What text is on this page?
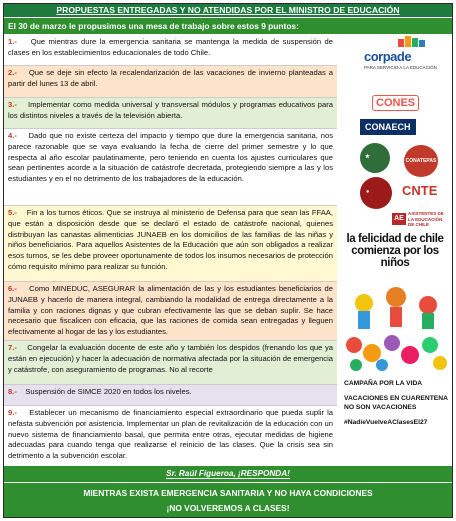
PROPUESTAS ENTREGADAS Y NO ATENDIDAS POR EL MINISTRO DE EDUCACIÓN
El 30 de marzo le propusimos una mesa de trabajo sobre estos 9 puntos:
1.- Que mientras dure la emergencia sanitaria se mantenga la medida de suspensión de clases en los establecimientos educacionales de todo Chile.
2.- Que se deje sin efecto la recalendarización de las vacaciones de invierno planteadas a partir del lunes 13 de abril.
3.- Implementar como medida universal y transversal módulos y programas educativos para los distintos niveles a través de la televisión abierta.
4.- Dado que no existe certeza del impacto y tiempo que dure la emergencia sanitaria, nos parece razonable que se vaya evaluando la fecha de cierre del primer semestre y lo que respecta al año escolar paulatinamente, pero teniendo en cuenta los ajustes curriculares que sean pertinentes acorde a la situación de catástrofe decretada, protegiendo siempre a las y los estudiantes y en el no detrimento de los trabajadores de la educación.
5.- Fin a los turnos éticos. Que se instruya al ministerio de Defensa para que sean las FFAA, que están a disposición desde que se declaró el estado de catástrofe nacional, quienes distribuyan las canastas alimenticias JUNAEB en los domicilios de las familias de las niñas y niños beneficiarios. Para aquellos Asistentes de la Educación que aún son obligados a realizar esos turnos, se les debe proveer oportunamente de todos los insumos necesarios de protección cómo requisito mínimo para realizar su función.
6.- Como MINEDUC, ASEGURAR la alimentación de las y los estudiantes beneficiarios de JUNAEB y hacerlo de manera integral, cambiando la modalidad de entrega directamente a la familia y con raciones dignas y que cubran efectivamente las que se deban suplir. Se hace necesario que fiscalicen con eficacia, que las raciones de comida sean entregadas y lleguen efectivamente al hogar de las y los estudiantes.
7.- Congelar la evaluación docente de este año y también los despidos (frenando los que ya están en ejecución) y hacer la adecuación de normativa afectada por la situación de emergencia y catástrofe, con aseguramiento de programas. No al recorte
8.- Suspensión de SIMCE 2020 en todos los niveles.
9.- Establecer un mecanismo de financiamiento especial extraordinario que pueda suplir la nefasta subvención por asistencia. Implementar un plan de revitalización de la educación con un nuevo sistema de financiamiento basal, que permita entre otras, ejecutar medidas de higiene adecuadas para cuando tenga que realizarse el reinicio de las clases. Que la crisis sea sin detrimento a la subvención escolar.
corpade
PARA SERVICIO A LA EDUCACIÓN
CONES
CONAECH
★
CONATEPAS
●	CNTE
AE
ASISTENTES DE LA EDUCACIÓN DE CHILE
la felicidad de chile comienza por los niños
CAMPAÑA POR LA VIDA
VACACIONES EN CUARENTENA NO SON VACACIONES
#NadieVuelveAClasesEl27
Sr. Raúl Figueroa, ¡RESPONDA!
MIENTRAS EXISTA EMERGENCIA SANITARIA Y NO HAYA CONDICIONES
¡NO VOLVEREMOS A CLASES!
